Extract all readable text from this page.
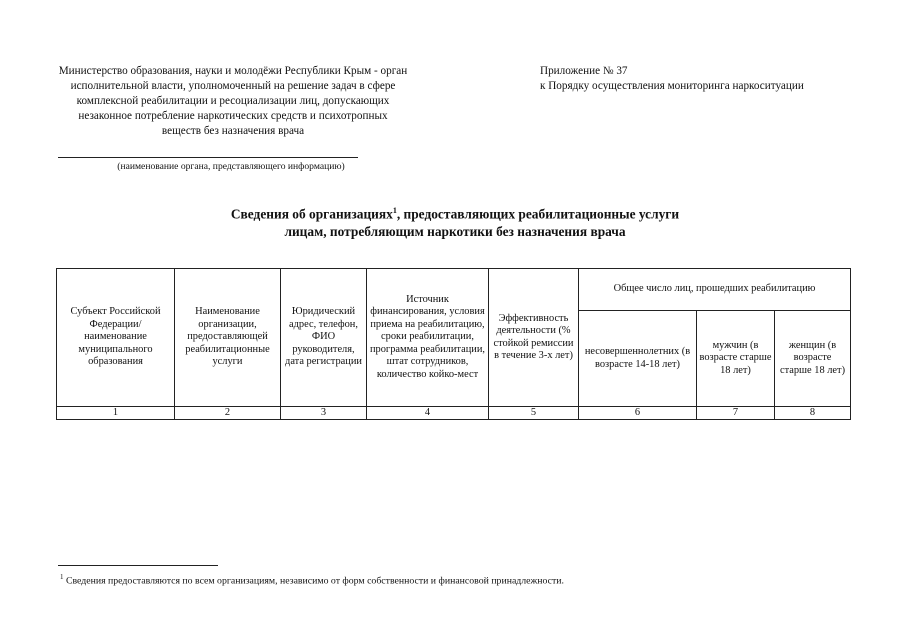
Министерство образования, науки и молодёжи Республики Крым - орган исполнительной власти, уполномоченный на решение задач в сфере комплексной реабилитации и ресоциализации лиц, допускающих незаконное потребление наркотических средств и психотропных веществ без назначения врача
(наименование органа, представляющего информацию)
Приложение № 37
к Порядку осуществления мониторинга наркоситуации
Сведения об организациях$^1$, предоставляющих реабилитационные услуги
лицам, потребляющим наркотики без назначения врача
Субъект Российской Федерации/ наименование муниципального образования	Наименование организации, предоставляющей реабилитационные услуги	Юридический адрес, телефон, ФИО руководителя, дата регистрации	Источник финансирования, условия приема на реабилитацию, сроки реабилитации, программа реабилитации, штат сотрудников, количество койко-мест	Эффективность деятельности (% стойкой ремиссии в течение 3-х лет)	Общее число лиц, прошедших реабилитацию		
					несовершеннолетних (в возрасте 14-18 лет)	мужчин (в возрасте старше 18 лет)	женщин (в возрасте старше 18 лет)
1	2	3	4	5	6	7	8
$^1$ Сведения предоставляются по всем организациям, независимо от форм собственности и финансовой принадлежности.
